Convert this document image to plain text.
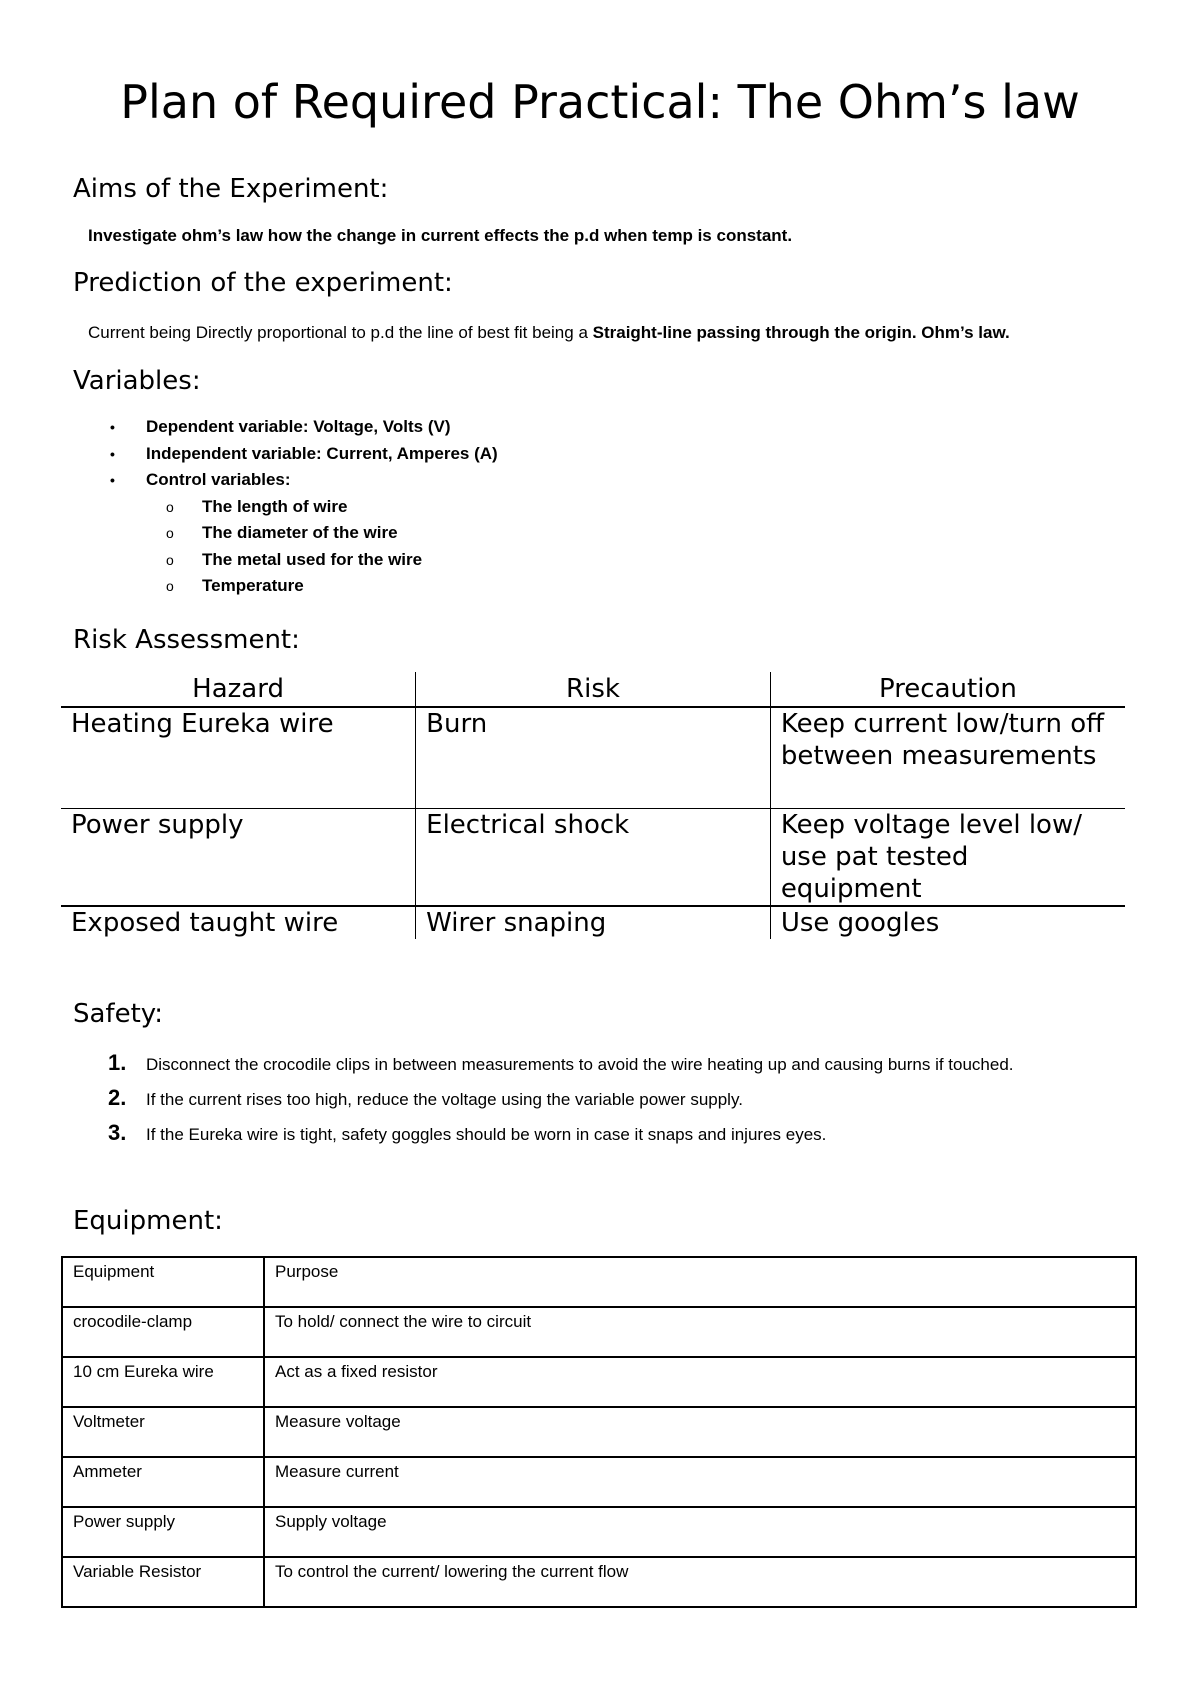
Plan of Required Practical: The Ohm’s law
Aims of the Experiment:
Investigate ohm’s law how the change in current effects the p.d when temp is constant.
Prediction of the experiment:
Current being Directly proportional to p.d the line of best fit being a Straight-line passing through the origin. Ohm’s law.
Variables:
• Dependent variable: Voltage, Volts (V)
• Independent variable: Current, Amperes (A)
• Control variables:
o The length of wire
o The diameter of the wire
o The metal used for the wire
o Temperature
Risk Assessment:
Hazard	Risk	Precaution
Heating Eureka wire	Burn	Keep current low/turn off between measurements
Power supply	Electrical shock	Keep voltage level low/ use pat tested equipment
Exposed taught wire	Wirer snaping	Use googles
Safety:
1. Disconnect the crocodile clips in between measurements to avoid the wire heating up and causing burns if touched.
2. If the current rises too high, reduce the voltage using the variable power supply.
3. If the Eureka wire is tight, safety goggles should be worn in case it snaps and injures eyes.
Equipment:
Equipment	Purpose
crocodile-clamp	To hold/ connect the wire to circuit
10 cm Eureka wire	Act as a fixed resistor
Voltmeter	Measure voltage
Ammeter	Measure current
Power supply	Supply voltage
Variable Resistor	To control the current/ lowering the current flow
